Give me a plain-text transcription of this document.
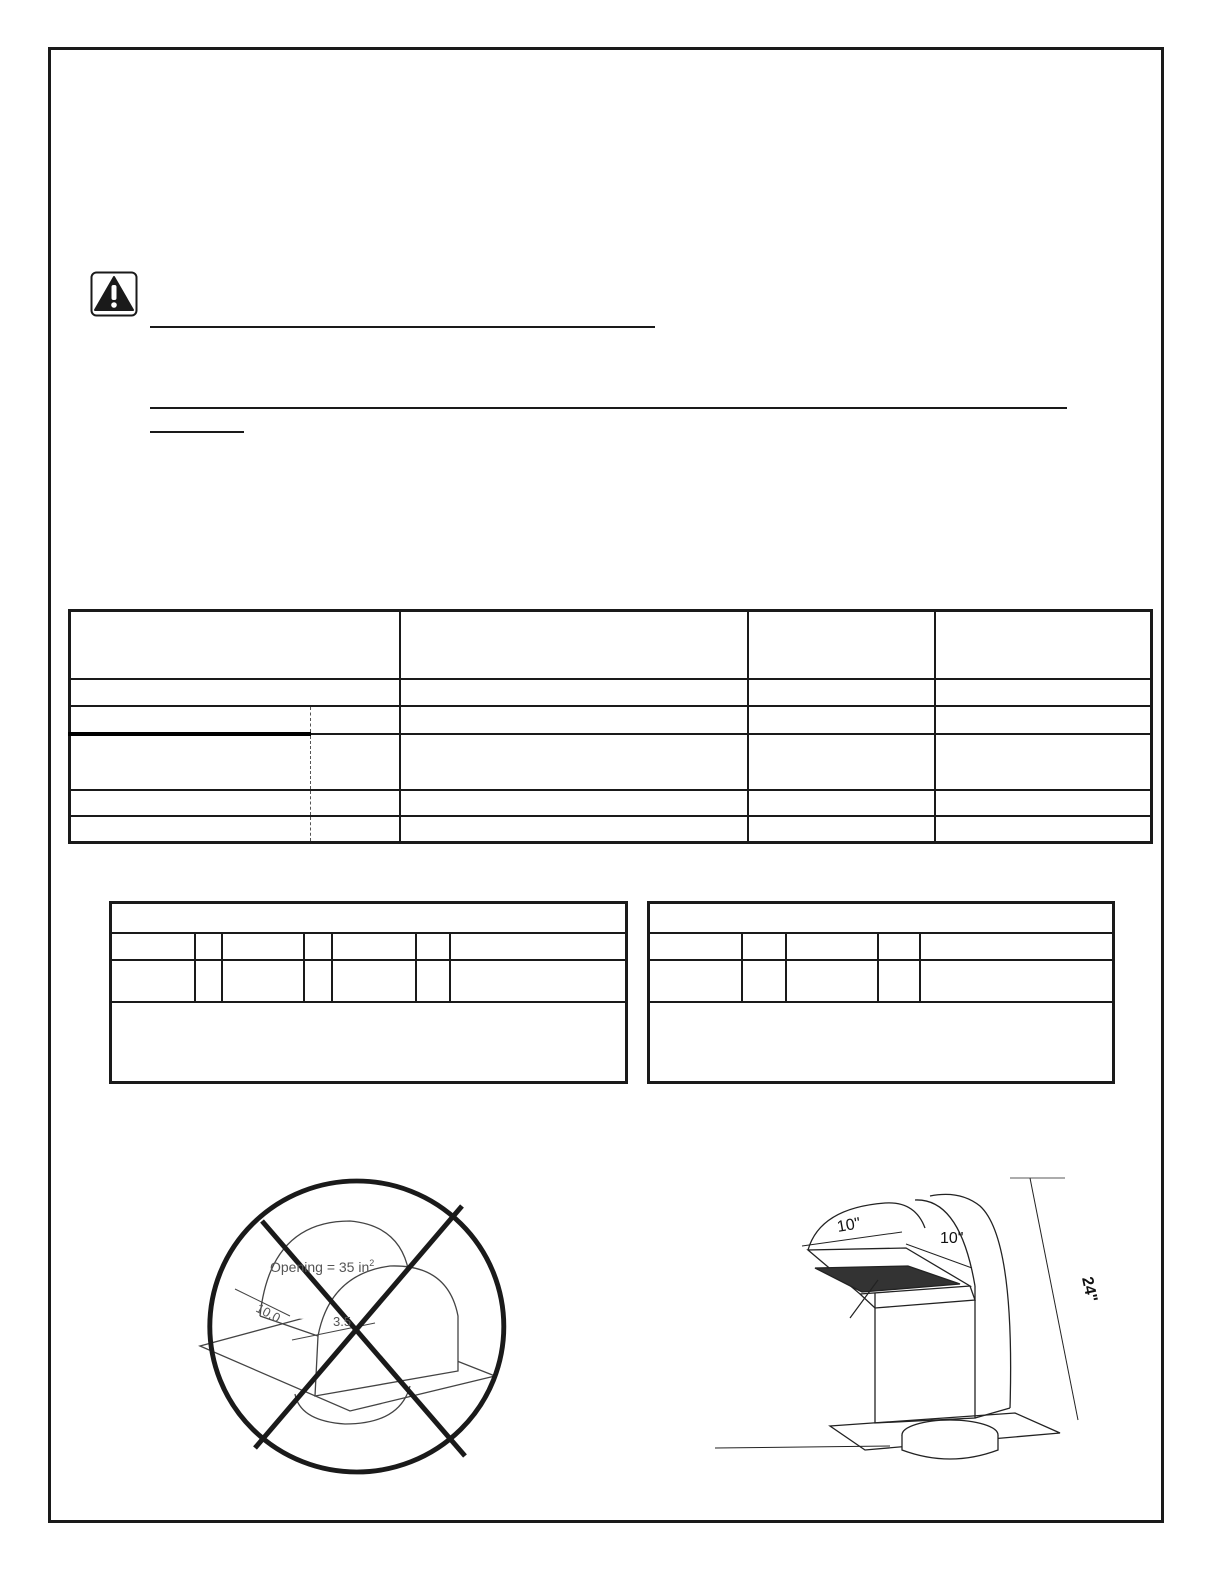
Opening = 35 $in^2$
10.0	3.5
10"
10"
24"
